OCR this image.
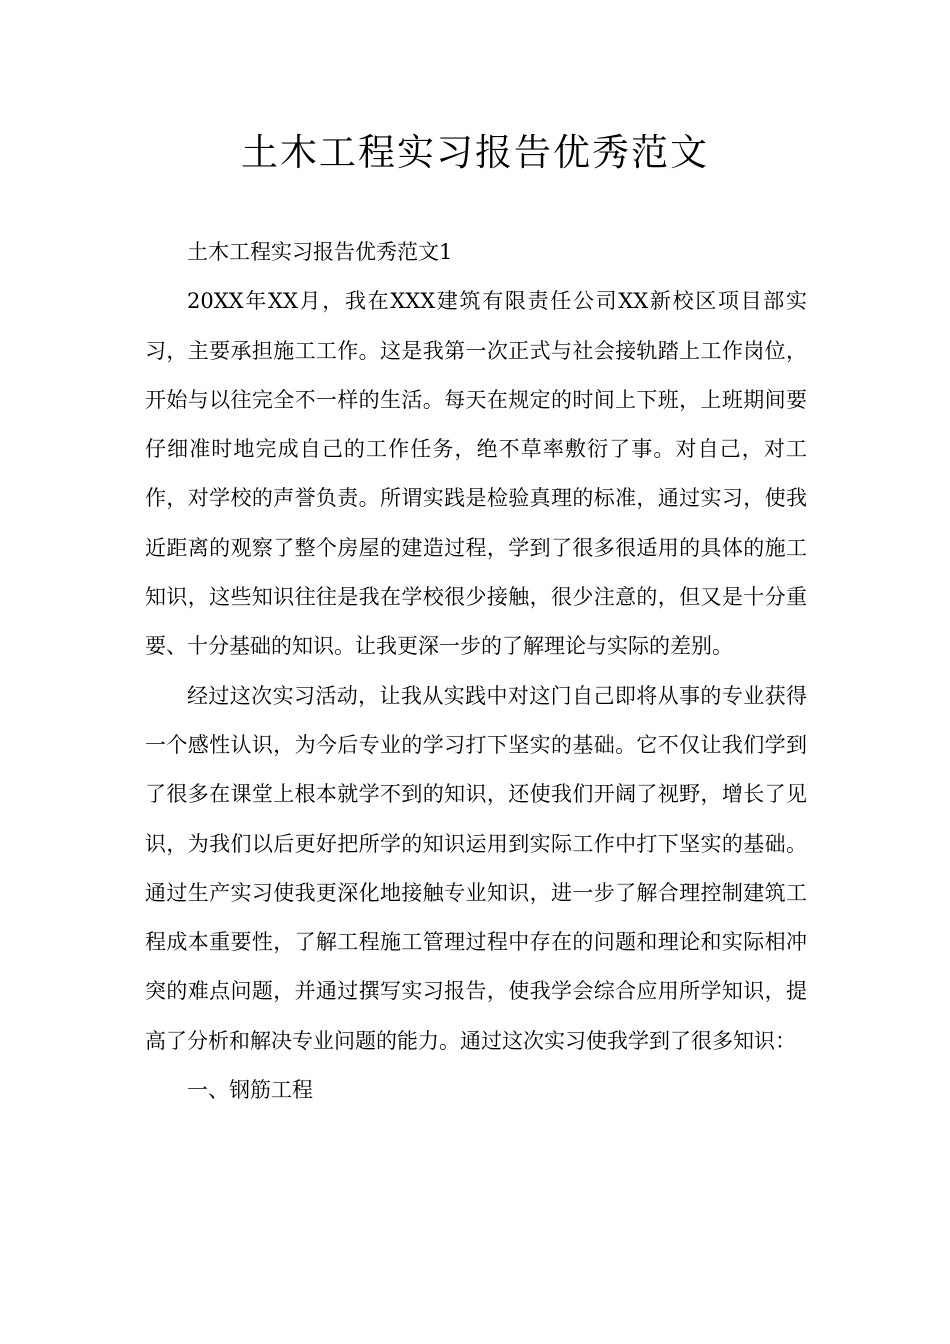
土木工程实习报告优秀范文

土木工程实习报告优秀范文1

20XX年XX月，我在XXX建筑有限责任公司XX新校区项目部实习，主要承担施工工作。这是我第一次正式与社会接轨踏上工作岗位，开始与以往完全不一样的生活。每天在规定的时间上下班，上班期间要仔细准时地完成自己的工作任务，绝不草率敷衍了事。对自己，对工作，对学校的声誉负责。所谓实践是检验真理的标准，通过实习，使我近距离的观察了整个房屋的建造过程，学到了很多很适用的具体的施工知识，这些知识往往是我在学校很少接触，很少注意的，但又是十分重要、十分基础的知识。让我更深一步的了解理论与实际的差别。

经过这次实习活动，让我从实践中对这门自己即将从事的专业获得一个感性认识，为今后专业的学习打下坚实的基础。它不仅让我们学到了很多在课堂上根本就学不到的知识，还使我们开阔了视野，增长了见识，为我们以后更好把所学的知识运用到实际工作中打下坚实的基础。通过生产实习使我更深化地接触专业知识，进一步了解合理控制建筑工程成本重要性，了解工程施工管理过程中存在的问题和理论和实际相冲突的难点问题，并通过撰写实习报告，使我学会综合应用所学知识，提高了分析和解决专业问题的能力。通过这次实习使我学到了很多知识：

一、钢筋工程
